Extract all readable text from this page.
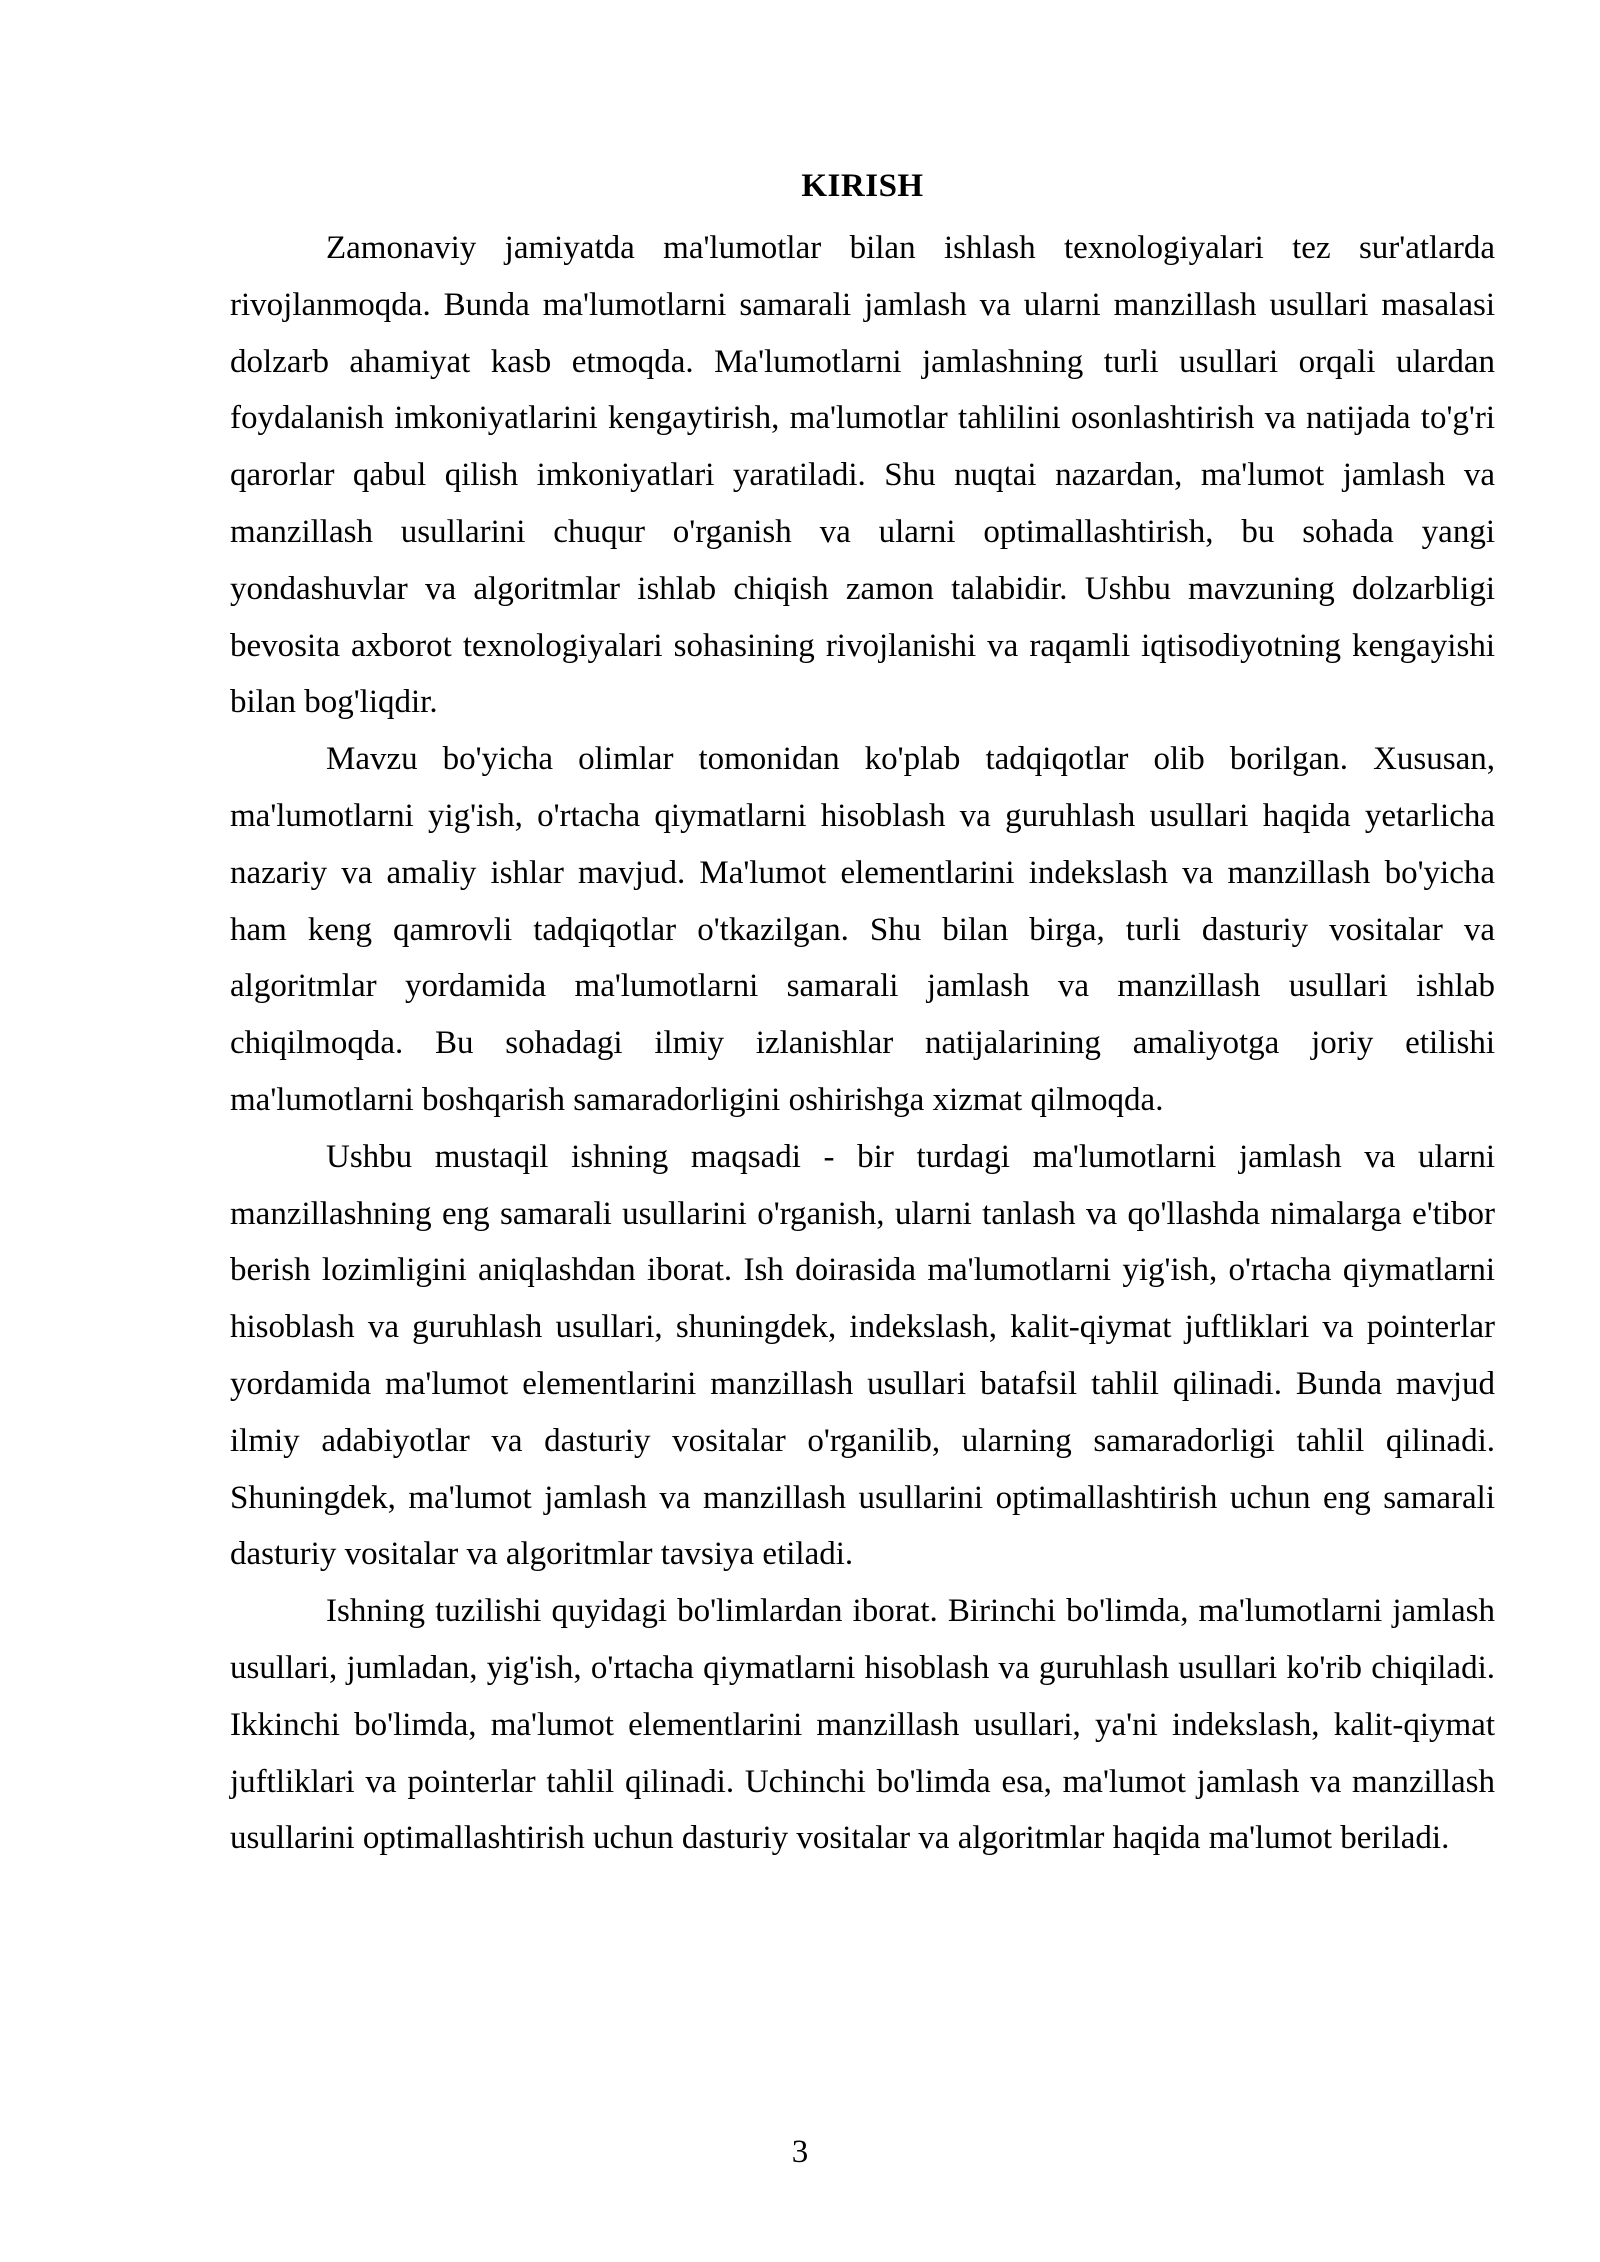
KIRISH

Zamonaviy jamiyatda ma'lumotlar bilan ishlash texnologiyalari tez sur'atlarda rivojlanmoqda. Bunda ma'lumotlarni samarali jamlash va ularni manzillash usullari masalasi dolzarb ahamiyat kasb etmoqda. Ma'lumotlarni jamlashning turli usullari orqali ulardan foydalanish imkoniyatlarini kengaytirish, ma'lumotlar tahlilini osonlashtirish va natijada to'g'ri qarorlar qabul qilish imkoniyatlari yaratiladi. Shu nuqtai nazardan, ma'lumot jamlash va manzillash usullarini chuqur o'rganish va ularni optimallashtirish, bu sohada yangi yondashuvlar va algoritmlar ishlab chiqish zamon talabidir. Ushbu mavzuning dolzarbligi bevosita axborot texnologiyalari sohasining rivojlanishi va raqamli iqtisodiyotning kengayishi bilan bog'liqdir.

Mavzu bo'yicha olimlar tomonidan ko'plab tadqiqotlar olib borilgan. Xususan, ma'lumotlarni yig'ish, o'rtacha qiymatlarni hisoblash va guruhlash usullari haqida yetarlicha nazariy va amaliy ishlar mavjud. Ma'lumot elementlarini indekslash va manzillash bo'yicha ham keng qamrovli tadqiqotlar o'tkazilgan. Shu bilan birga, turli dasturiy vositalar va algoritmlar yordamida ma'lumotlarni samarali jamlash va manzillash usullari ishlab chiqilmoqda. Bu sohadagi ilmiy izlanishlar natijalarining amaliyotga joriy etilishi ma'lumotlarni boshqarish samaradorligini oshirishga xizmat qilmoqda.

Ushbu mustaqil ishning maqsadi - bir turdagi ma'lumotlarni jamlash va ularni manzillashning eng samarali usullarini o'rganish, ularni tanlash va qo'llashda nimalarga e'tibor berish lozimligini aniqlashdan iborat. Ish doirasida ma'lumotlarni yig'ish, o'rtacha qiymatlarni hisoblash va guruhlash usullari, shuningdek, indekslash, kalit-qiymat juftliklari va pointerlar yordamida ma'lumot elementlarini manzillash usullari batafsil tahlil qilinadi. Bunda mavjud ilmiy adabiyotlar va dasturiy vositalar o'rganilib, ularning samaradorligi tahlil qilinadi. Shuningdek, ma'lumot jamlash va manzillash usullarini optimallashtirish uchun eng samarali dasturiy vositalar va algoritmlar tavsiya etiladi.

Ishning tuzilishi quyidagi bo'limlardan iborat. Birinchi bo'limda, ma'lumotlarni jamlash usullari, jumladan, yig'ish, o'rtacha qiymatlarni hisoblash va guruhlash usullari ko'rib chiqiladi. Ikkinchi bo'limda, ma'lumot elementlarini manzillash usullari, ya'ni indekslash, kalit-qiymat juftliklari va pointerlar tahlil qilinadi. Uchinchi bo'limda esa, ma'lumot jamlash va manzillash usullarini optimallashtirish uchun dasturiy vositalar va algoritmlar haqida ma'lumot beriladi.

3
